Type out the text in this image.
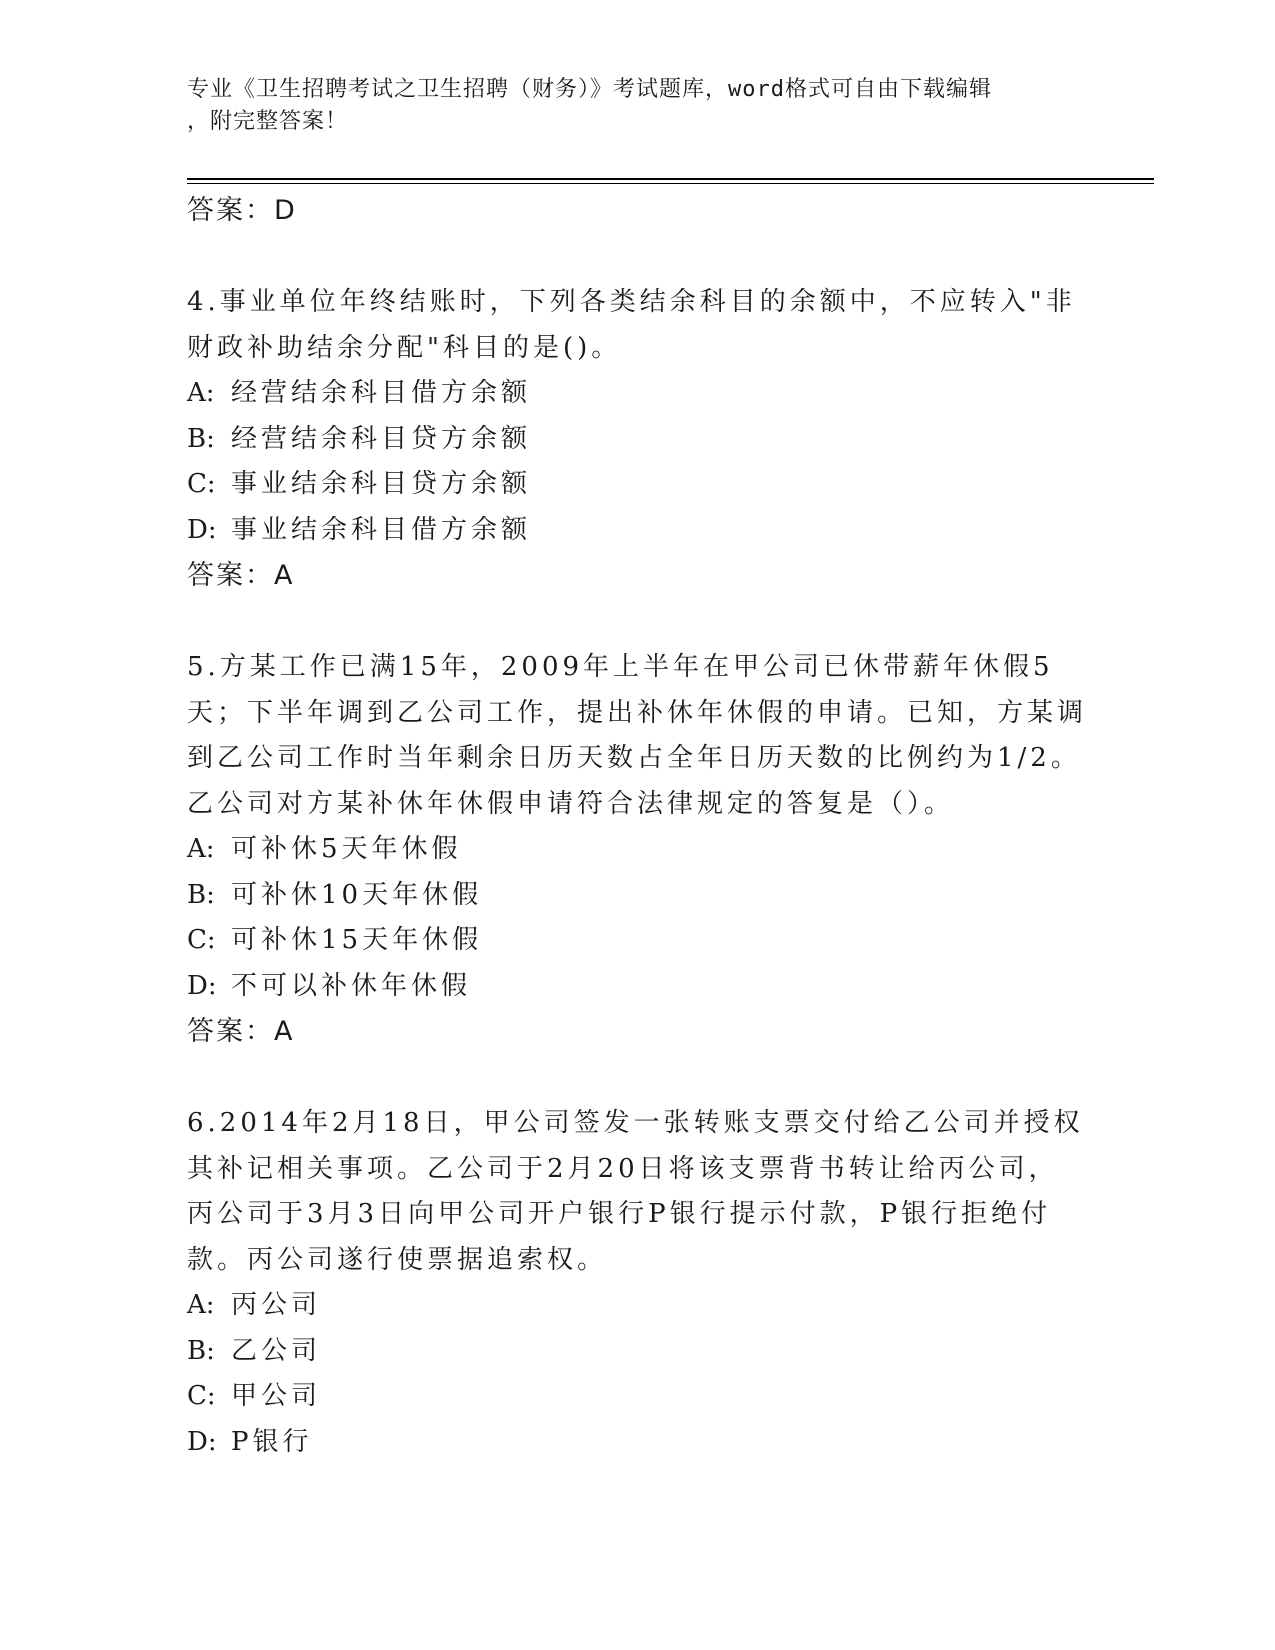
专业《卫生招聘考试之卫生招聘（财务）》考试题库，word格式可自由下载编辑
，附完整答案！
答案：D
4.事业单位年终结账时，下列各类结余科目的余额中，不应转入"非财政补助结余分配"科目的是()。
A: 经营结余科目借方余额
B: 经营结余科目贷方余额
C: 事业结余科目贷方余额
D: 事业结余科目借方余额
答案：A
5.方某工作已满15年，2009年上半年在甲公司已休带薪年休假5天；下半年调到乙公司工作，提出补休年休假的申请。已知，方某调到乙公司工作时当年剩余日历天数占全年日历天数的比例约为1/2。乙公司对方某补休年休假申请符合法律规定的答复是（）。
A: 可补休5天年休假
B: 可补休10天年休假
C: 可补休15天年休假
D: 不可以补休年休假
答案：A
6.2014年2月18日，甲公司签发一张转账支票交付给乙公司并授权其补记相关事项。乙公司于2月20日将该支票背书转让给丙公司，丙公司于3月3日向甲公司开户银行P银行提示付款，P银行拒绝付款。丙公司遂行使票据追索权。
A: 丙公司
B: 乙公司
C: 甲公司
D: P银行
